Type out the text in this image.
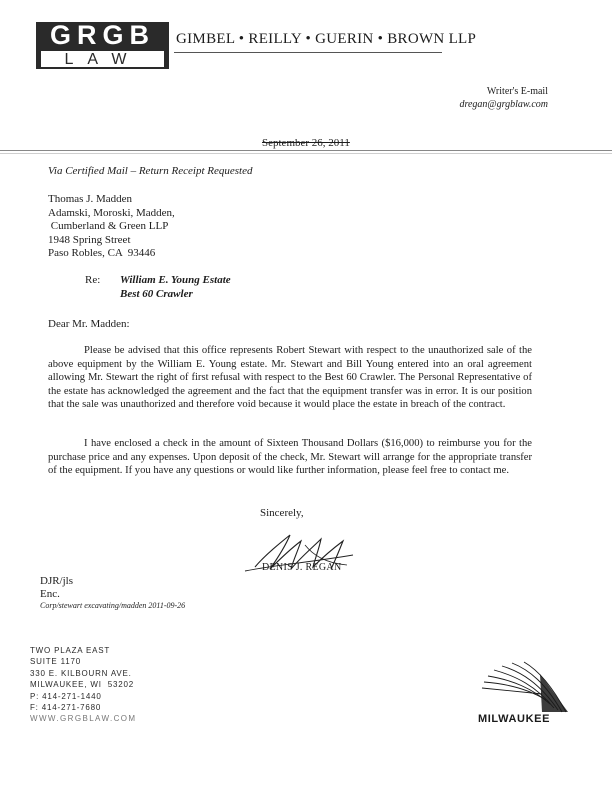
GRGB
LAW
GIMBEL • REILLY • GUERIN • BROWN LLP
Writer's E-mail
dregan@grgblaw.com
September 26, 2011
Via Certified Mail – Return Receipt Requested
Thomas J. Madden
Adamski, Moroski, Madden,
Cumberland & Green LLP
1948 Spring Street
Paso Robles, CA  93446
Re: William E. Young Estate
Best 60 Crawler
Dear Mr. Madden:
Please be advised that this office represents Robert Stewart with respect to the unauthorized sale of the above equipment by the William E. Young estate. Mr. Stewart and Bill Young entered into an oral agreement allowing Mr. Stewart the right of first refusal with respect to the Best 60 Crawler. The Personal Representative of the estate has acknowledged the agreement and the fact that the equipment transfer was in error. It is our position that the sale was unauthorized and therefore void because it would place the estate in breach of the contract.
I have enclosed a check in the amount of Sixteen Thousand Dollars ($16,000) to reimburse you for the purchase price and any expenses. Upon deposit of the check, Mr. Stewart will arrange for the appropriate transfer of the equipment. If you have any questions or would like further information, please feel free to contact me.
Sincerely,
DENIS J. REGAN
DJR/jls
Enc.
Corp/stewart excavating/madden 2011-09-26
TWO PLAZA EAST
SUITE 1170
330 E. KILBOURN AVE.
MILWAUKEE, WI  53202
P: 414-271-1440
F: 414-271-7680
WWW.GRGBLAW.COM	MILWAUKEE
